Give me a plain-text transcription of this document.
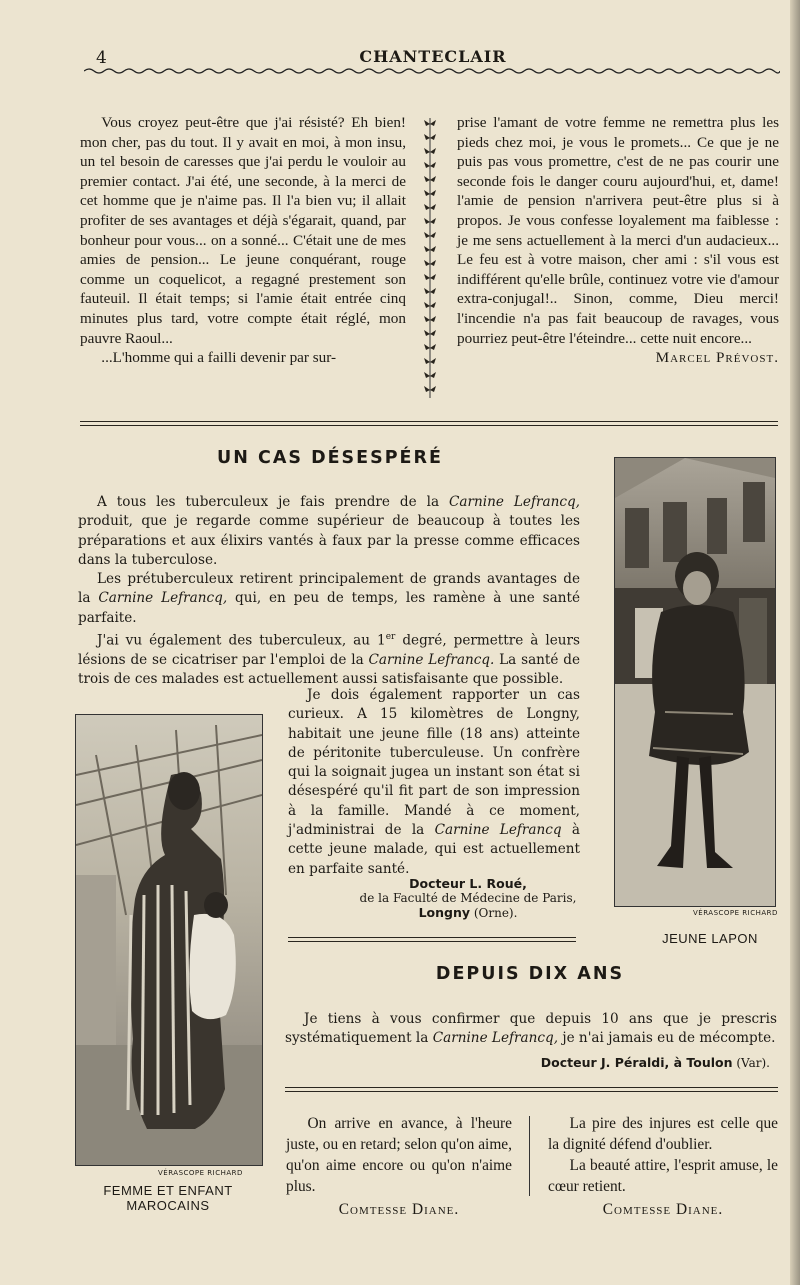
4	CHANTECLAIR

Vous croyez peut-être que j'ai résisté? Eh bien! mon cher, pas du tout. Il y avait en moi, à mon insu, un tel besoin de caresses que j'ai perdu le vouloir au premier contact. J'ai été, une seconde, à la merci de cet homme que je n'aime pas. Il l'a bien vu; il allait profiter de ses avantages et déjà s'égarait, quand, par bonheur pour vous... on a sonné... C'était une de mes amies de pension... Le jeune conquérant, rouge comme un coquelicot, a regagné prestement son fauteuil. Il était temps; si l'amie était entrée cinq minutes plus tard, votre compte était réglé, mon pauvre Raoul...

...L'homme qui a failli devenir par sur-

prise l'amant de votre femme ne remettra plus les pieds chez moi, je vous le promets... Ce que je ne puis pas vous promettre, c'est de ne pas courir une seconde fois le danger couru aujourd'hui, et, dame! l'amie de pension n'arrivera peut-être plus si à propos. Je vous confesse loyalement ma faiblesse : je me sens actuellement à la merci d'un audacieux... Le feu est à votre maison, cher ami : s'il vous est indifférent qu'elle brûle, continuez votre vie d'amour extra-conjugal!.. Sinon, comme, Dieu merci! l'incendie n'a pas fait beaucoup de ravages, vous pourriez peut-être l'éteindre... cette nuit encore...

Marcel Prévost.

UN CAS DÉSESPÉRÉ

A tous les tuberculeux je fais prendre de la Carnine Lefrancq, produit, que je regarde comme supérieur de beaucoup à toutes les préparations et aux élixirs vantés à faux par la presse comme efficaces dans la tuberculose.

Les prétuberculeux retirent principalement de grands avantages de la Carnine Lefrancq, qui, en peu de temps, les ramène à une santé parfaite.

J'ai vu également des tuberculeux, au 1er degré, permettre à leurs lésions de se cicatriser par l'emploi de la Carnine Lefrancq. La santé de trois de ces malades est actuellement aussi satisfaisante que possible.

Je dois également rapporter un cas curieux. A 15 kilomètres de Longny, habitait une jeune fille (18 ans) atteinte de péritonite tuberculeuse. Un confrère qui la soignait jugea un instant son état si désespéré qu'il fit part de son impression à la famille. Mandé à ce moment, j'administrai de la Carnine Lefrancq à cette jeune malade, qui est actuellement en parfaite santé.

Docteur L. Roué,
de la Faculté de Médecine de Paris,
Longny (Orne).
VÉRASCOPE RICHARD
FEMME ET ENFANT
MAROCAINS
VÉRASCOPE RICHARD
JEUNE LAPON
DEPUIS DIX ANS

Je tiens à vous confirmer que depuis 10 ans que je prescris systématiquement la Carnine Lefrancq, je n'ai jamais eu de mécompte.

Docteur J. Péraldi, à Toulon (Var).

On arrive en avance, à l'heure juste, ou en retard; selon qu'on aime, qu'on aime encore ou qu'on n'aime plus.

Comtesse Diane.

La pire des injures est celle que la dignité défend d'oublier.

La beauté attire, l'esprit amuse, le cœur retient.

Comtesse Diane.
